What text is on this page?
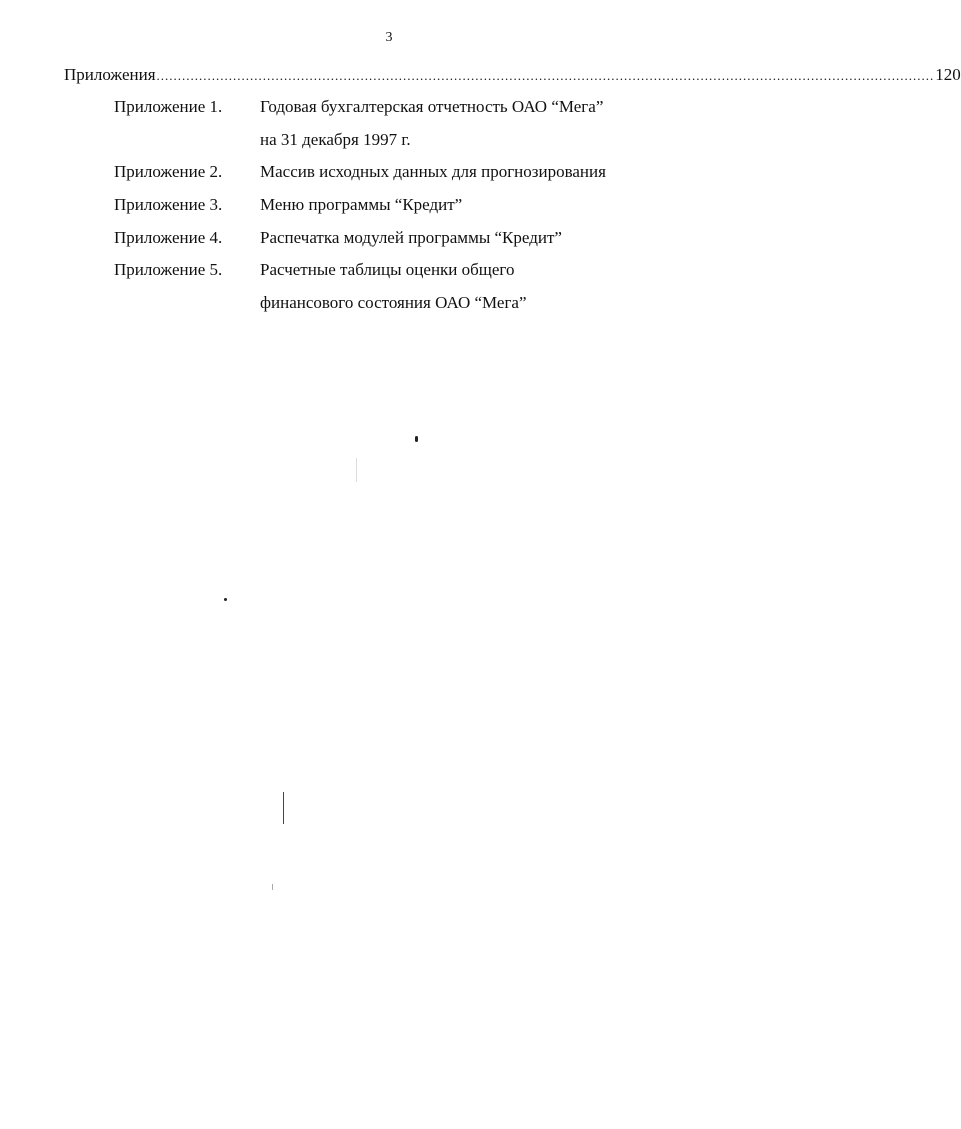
3
Приложения ....................................................................................................................................................................................... 120
Приложение 1. Годовая бухгалтерская отчетность ОАО “Мега”
на 31 декабря 1997 г.
Приложение 2. Массив исходных данных для прогнозирования
Приложение 3. Меню программы “Кредит”
Приложение 4. Распечатка модулей программы “Кредит”
Приложение 5. Расчетные таблицы оценки общего
финансового состояния ОАО “Мега”
